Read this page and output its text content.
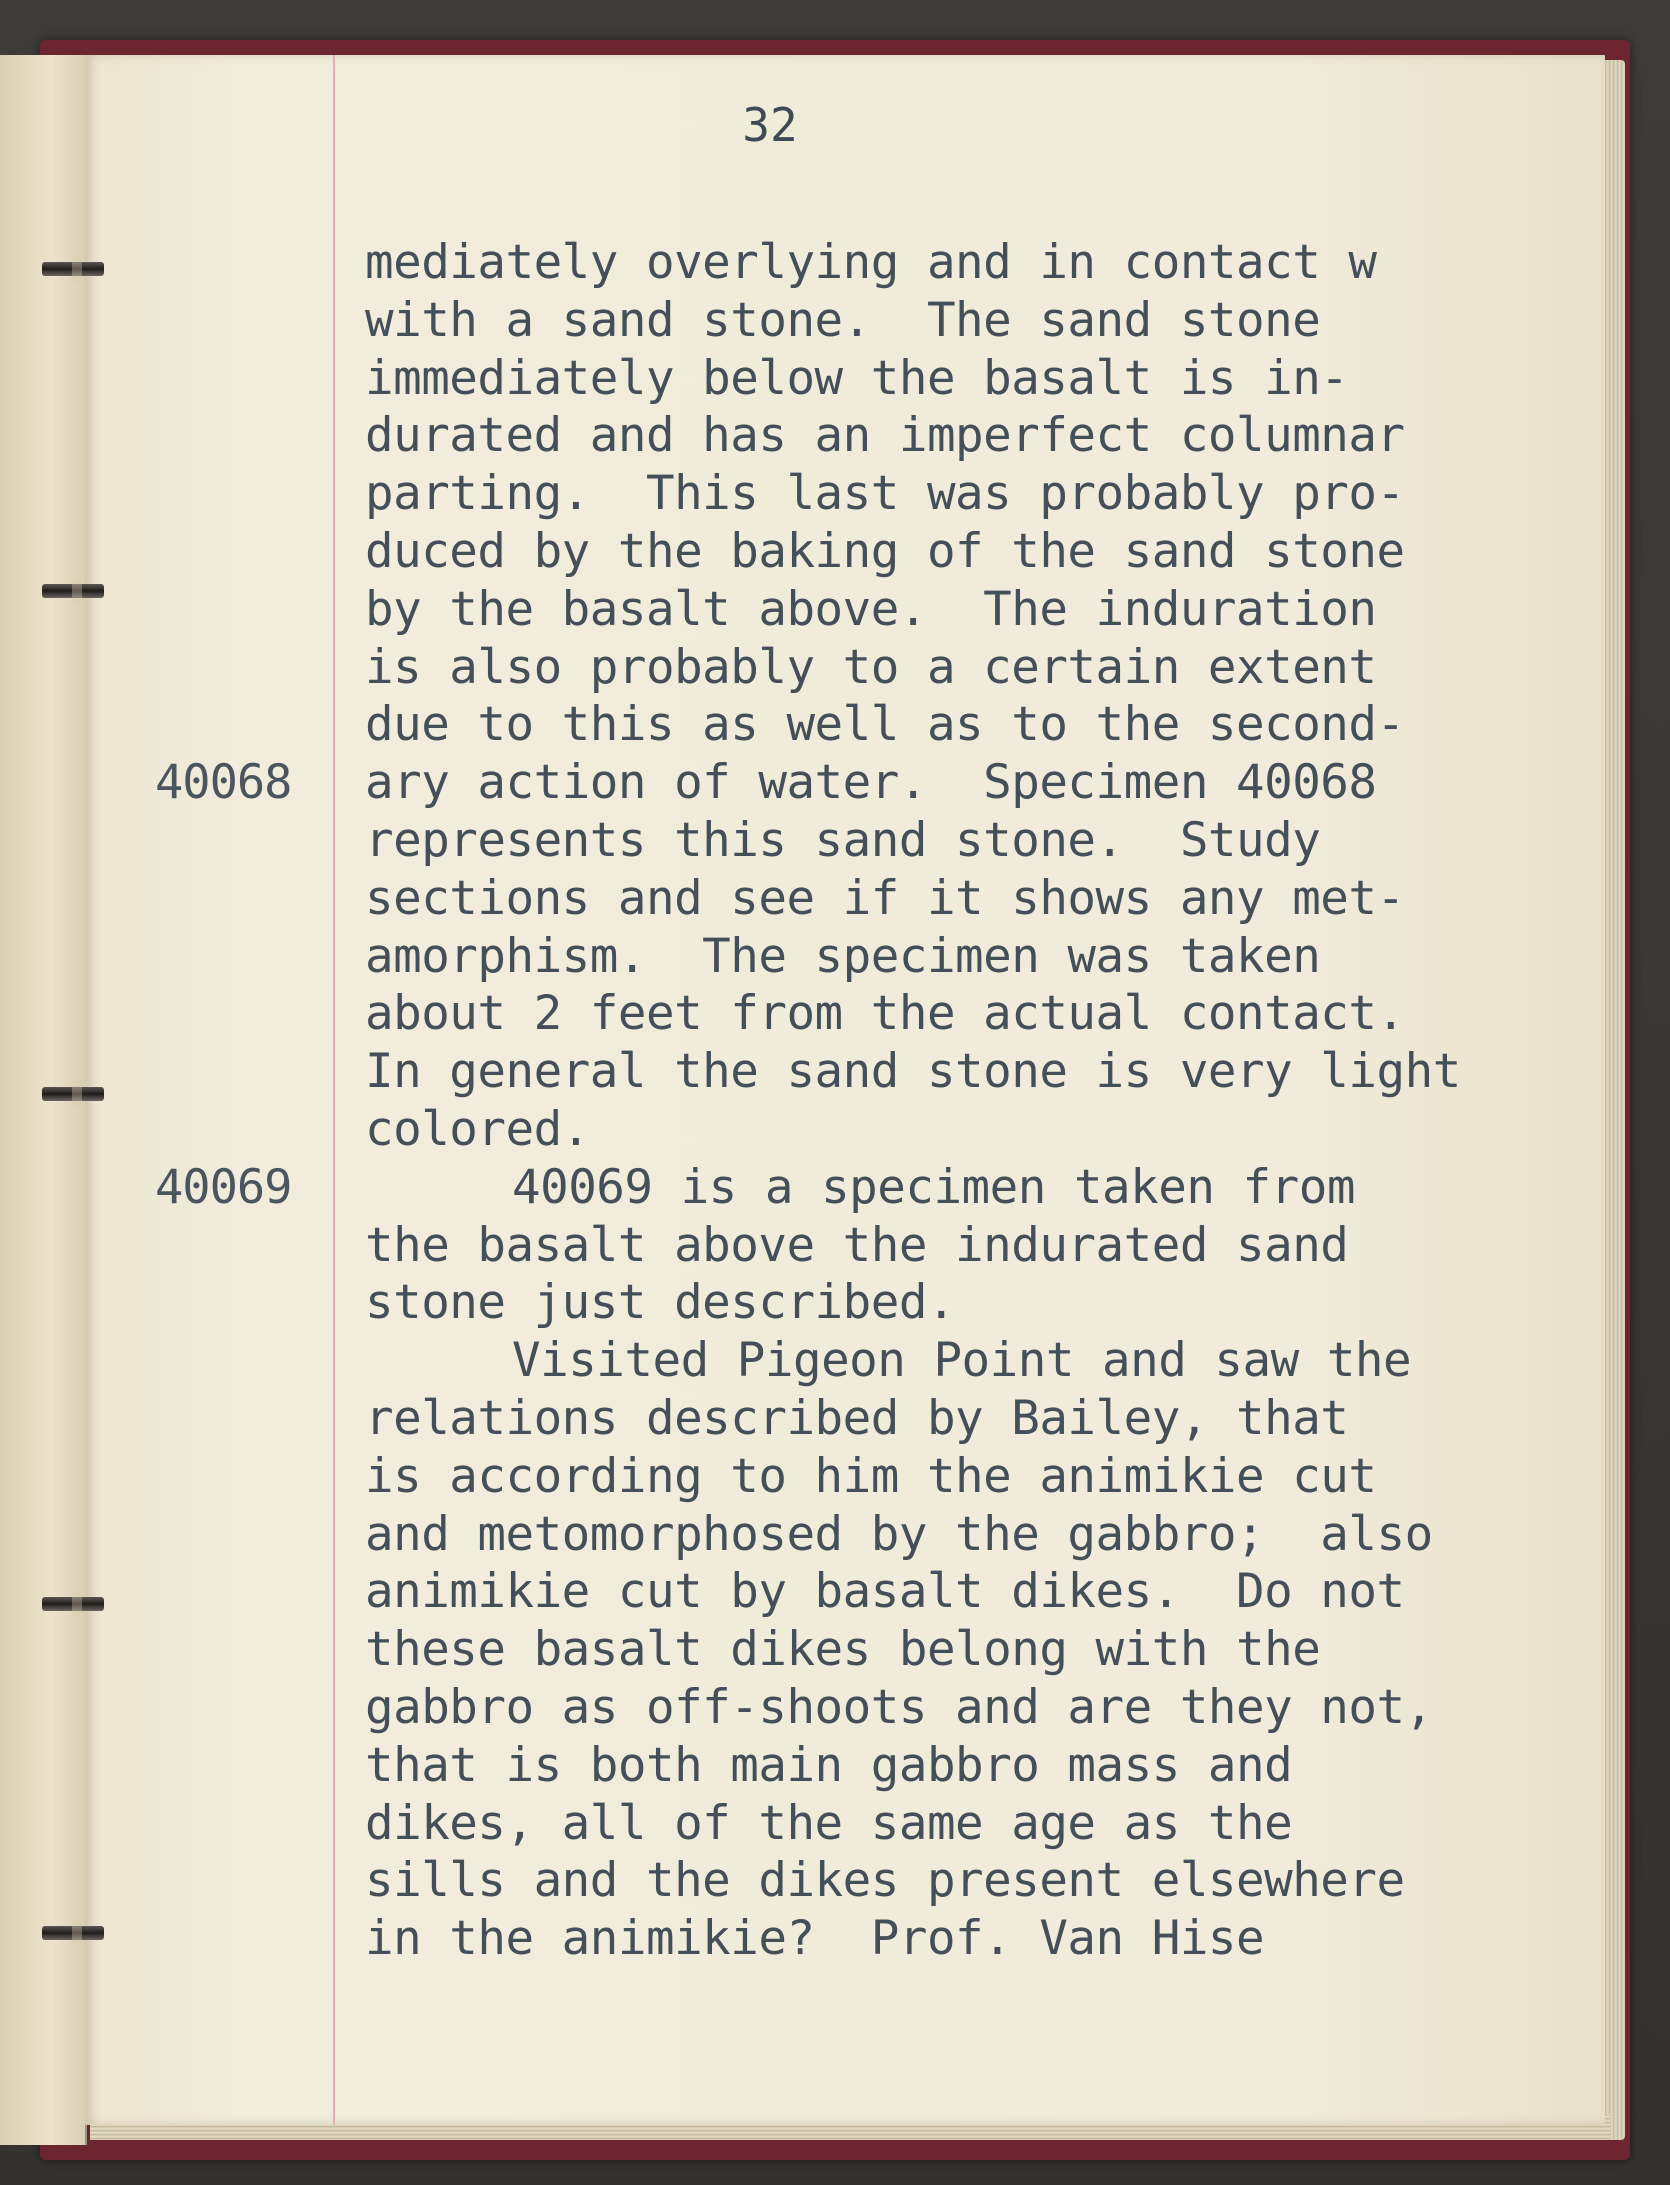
32

40068

40069

mediately overlying and in contact w

with a sand stone.  The sand stone

immediately below the basalt is in-

durated and has an imperfect columnar

parting.  This last was probably pro-

duced by the baking of the sand stone

by the basalt above.  The induration

is also probably to a certain extent

due to this as well as to the second-

ary action of water.  Specimen 40068

represents this sand stone.  Study

sections and see if it shows any met-

amorphism.  The specimen was taken

about 2 feet from the actual contact.

In general the sand stone is very light

colored.

40069 is a specimen taken from

the basalt above the indurated sand

stone just described.

Visited Pigeon Point and saw the

relations described by Bailey, that

is according to him the animikie cut

and metomorphosed by the gabbro;  also

animikie cut by basalt dikes.  Do not

these basalt dikes belong with the

gabbro as off-shoots and are they not,

that is both main gabbro mass and

dikes, all of the same age as the

sills and the dikes present elsewhere

in the animikie?  Prof. Van Hise
